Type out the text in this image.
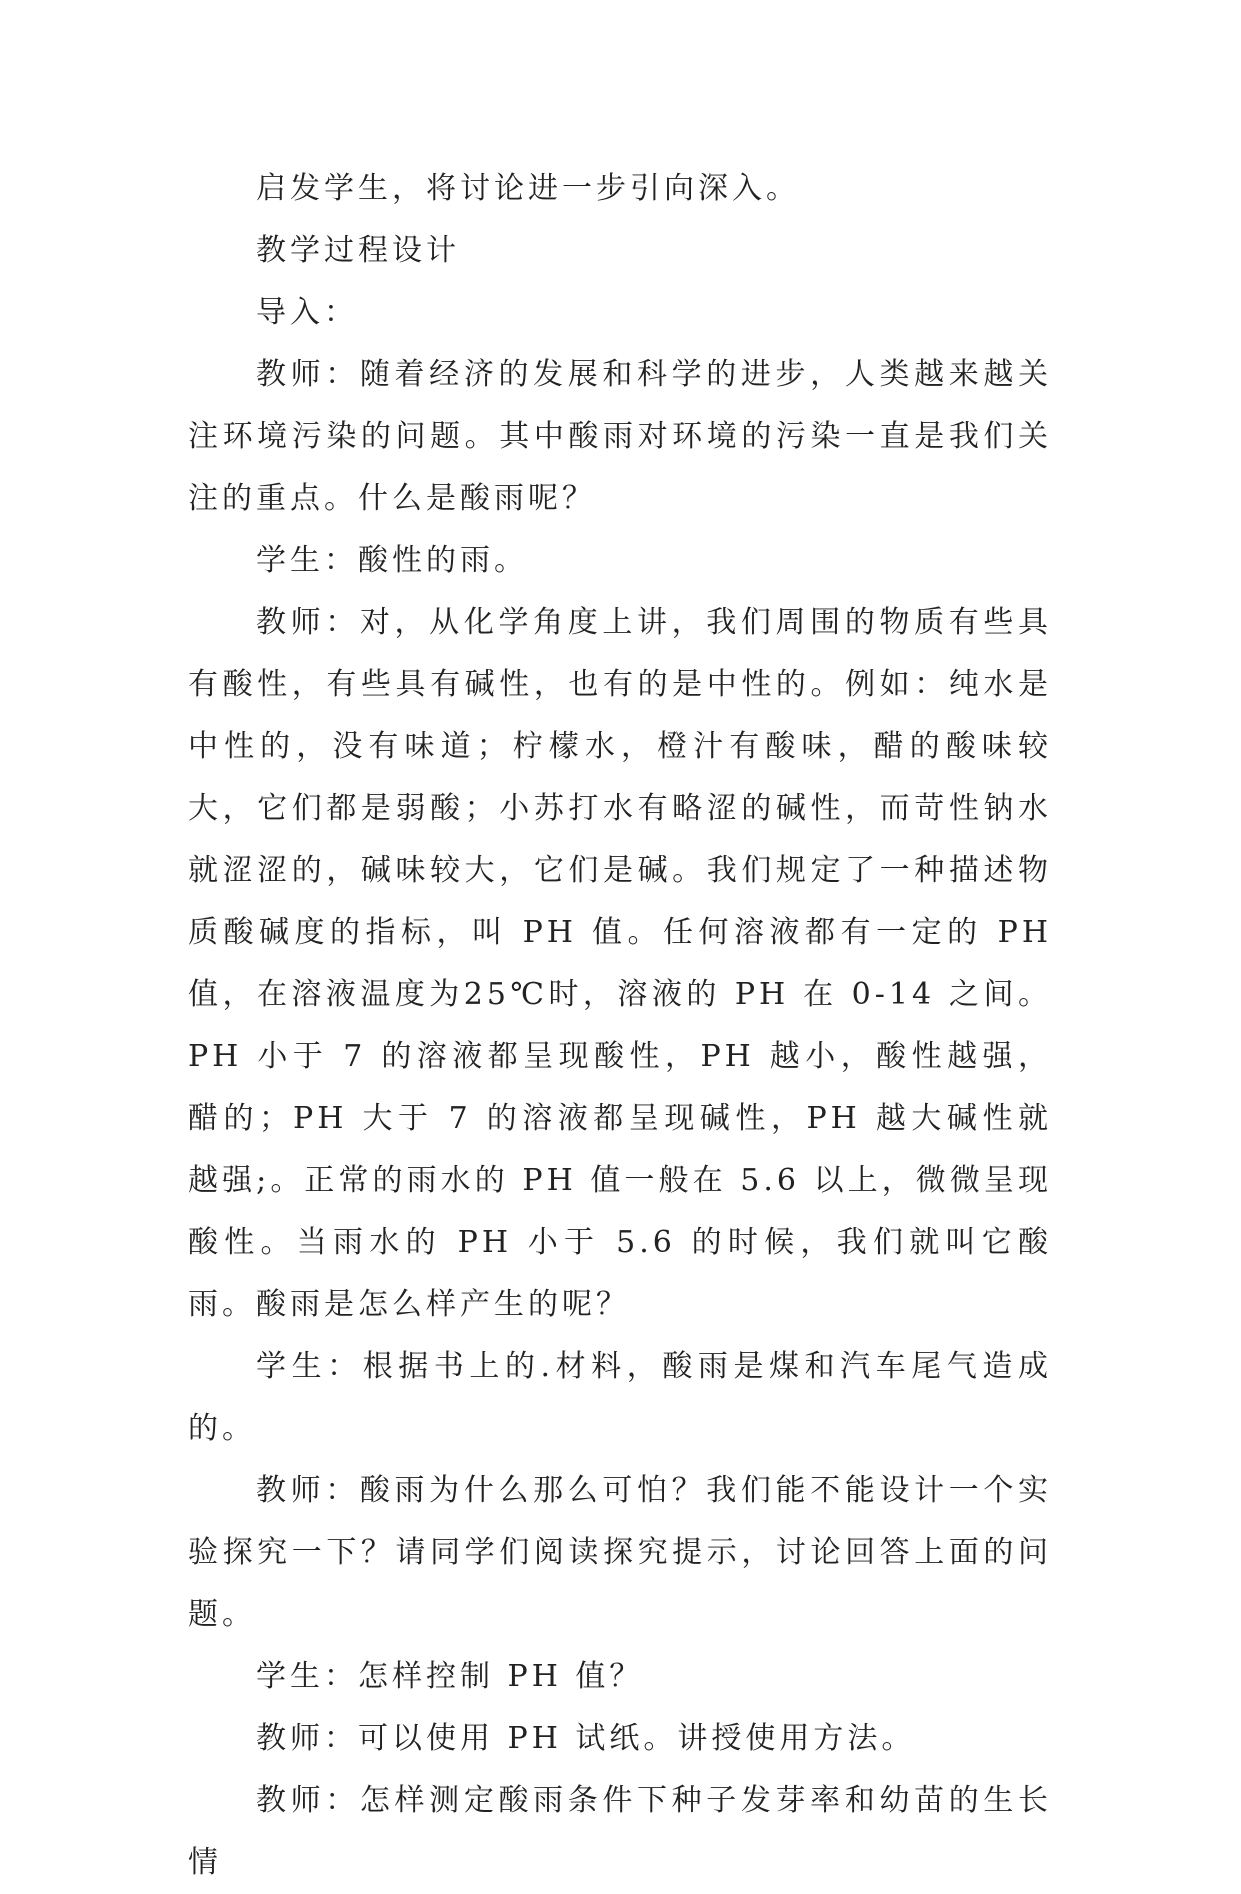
启发学生，将讨论进一步引向深入。

教学过程设计

导入：

教师：随着经济的发展和科学的进步，人类越来越关注环境污染的问题。其中酸雨对环境的污染一直是我们关注的重点。什么是酸雨呢？

学生：酸性的雨。

教师：对，从化学角度上讲，我们周围的物质有些具有酸性，有些具有碱性，也有的是中性的。例如：纯水是中性的，没有味道；柠檬水，橙汁有酸味，醋的酸味较大，它们都是弱酸；小苏打水有略涩的碱性，而苛性钠水就涩涩的，碱味较大，它们是碱。我们规定了一种描述物质酸碱度的指标，叫 PH 值。任何溶液都有一定的 PH 值，在溶液温度为25℃时，溶液的 PH 在 0-14 之间。PH 小于 7 的溶液都呈现酸性，PH 越小，酸性越强，醋的；PH 大于 7 的溶液都呈现碱性，PH 越大碱性就越强;。正常的雨水的 PH 值一般在 5.6 以上，微微呈现酸性。当雨水的 PH 小于 5.6 的时候，我们就叫它酸雨。酸雨是怎么样产生的呢？

学生：根据书上的.材料，酸雨是煤和汽车尾气造成的。

教师：酸雨为什么那么可怕？我们能不能设计一个实验探究一下？请同学们阅读探究提示，讨论回答上面的问题。

学生：怎样控制 PH 值？

教师：可以使用 PH 试纸。讲授使用方法。

教师：怎样测定酸雨条件下种子发芽率和幼苗的生长情
